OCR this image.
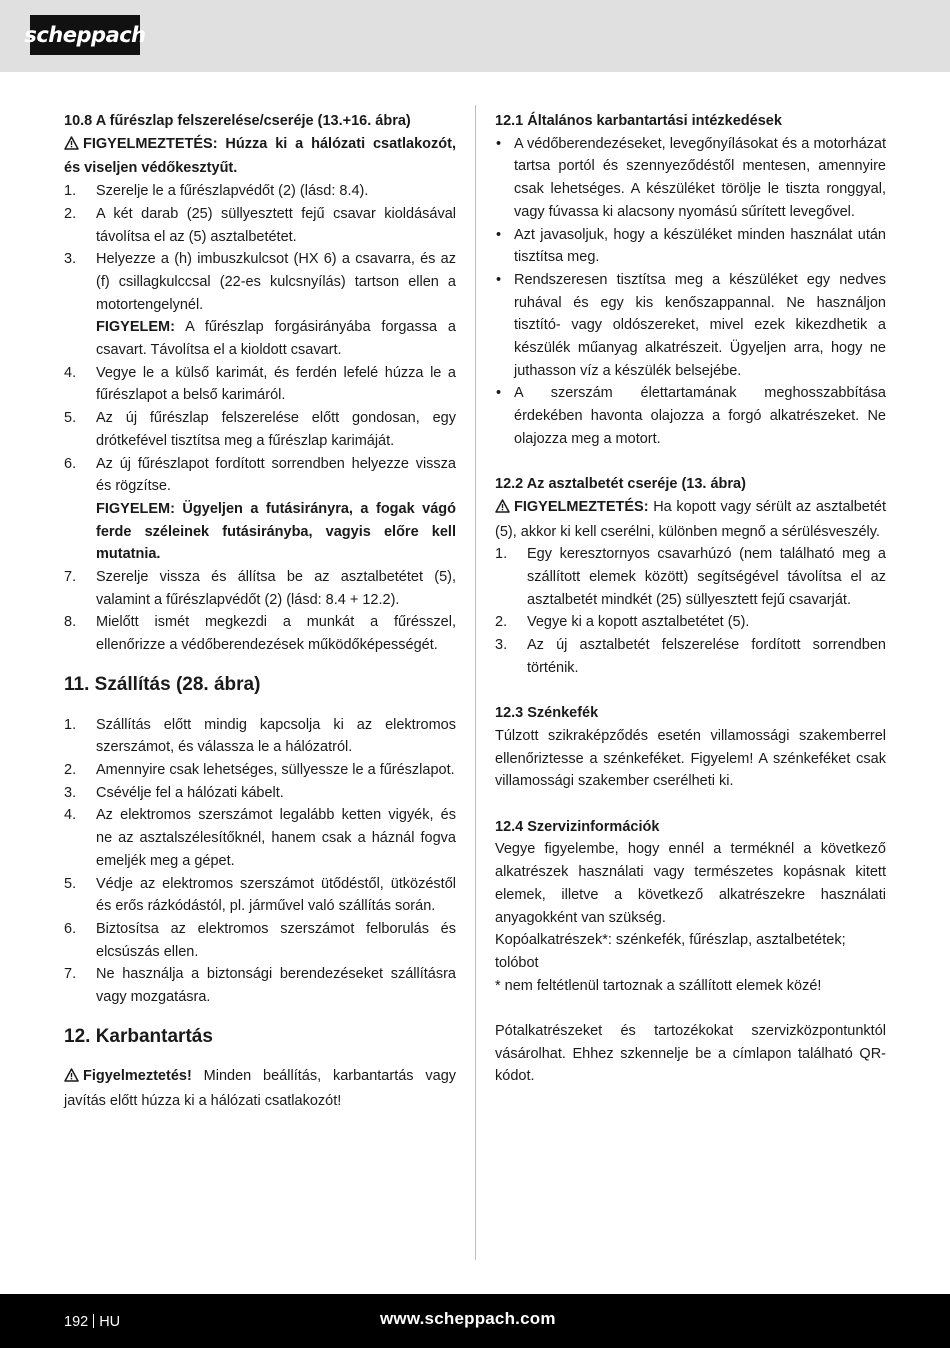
scheppach

10.8 A fűrészlap felszerelése/cseréje (13.+16. ábra)

FIGYELMEZTETÉS: Húzza ki a hálózati csatlakozót, és viseljen védőkesztyűt.

1. Szerelje le a fűrészlapvédőt (2) (lásd: 8.4).
2. A két darab (25) süllyesztett fejű csavar kioldásával távolítsa el az (5) asztalbetétet.
3. Helyezze a (h) imbuszkulcsot (HX 6) a csavarra, és az (f) csillagkulccsal (22-es kulcsnyílás) tartson ellen a motortengelynél.
FIGYELEM: A fűrészlap forgásirányába forgassa a csavart. Távolítsa el a kioldott csavart.
4. Vegye le a külső karimát, és ferdén lefelé húzza le a fűrészlapot a belső karimáról.
5. Az új fűrészlap felszerelése előtt gondosan, egy drótkefével tisztítsa meg a fűrészlap karimáját.
6. Az új fűrészlapot fordított sorrendben helyezze vissza és rögzítse.
FIGYELEM: Ügyeljen a futásirányra, a fogak vágó ferde széleinek futásirányba, vagyis előre kell mutatnia.
7. Szerelje vissza és állítsa be az asztalbetétet (5), valamint a fűrészlapvédőt (2) (lásd: 8.4 + 12.2).
8. Mielőtt ismét megkezdi a munkát a fűrésszel, ellenőrizze a védőberendezések működőképességét.

11. Szállítás (28. ábra)

1. Szállítás előtt mindig kapcsolja ki az elektromos szerszámot, és válassza le a hálózatról.
2. Amennyire csak lehetséges, süllyessze le a fűrészlapot.
3. Csévélje fel a hálózati kábelt.
4. Az elektromos szerszámot legalább ketten vigyék, és ne az asztalszélesítőknél, hanem csak a háznál fogva emeljék meg a gépet.
5. Védje az elektromos szerszámot ütődéstől, ütközéstől és erős rázkódástól, pl. járművel való szállítás során.
6. Biztosítsa az elektromos szerszámot felborulás és elcsúszás ellen.
7. Ne használja a biztonsági berendezéseket szállításra vagy mozgatásra.

12. Karbantartás

Figyelmeztetés! Minden beállítás, karbantartás vagy javítás előtt húzza ki a hálózati csatlakozót!

12.1 Általános karbantartási intézkedések

• A védőberendezéseket, levegőnyílásokat és a motorházat tartsa portól és szennyeződéstől mentesen, amennyire csak lehetséges. A készüléket törölje le tiszta ronggyal, vagy fúvassa ki alacsony nyomású sűrített levegővel.
• Azt javasoljuk, hogy a készüléket minden használat után tisztítsa meg.
• Rendszeresen tisztítsa meg a készüléket egy nedves ruhával és egy kis kenőszappannal. Ne használjon tisztító- vagy oldószereket, mivel ezek kikezdhetik a készülék műanyag alkatrészeit. Ügyeljen arra, hogy ne juthasson víz a készülék belsejébe.
• A szerszám élettartamának meghosszabbítása érdekében havonta olajozza a forgó alkatrészeket. Ne olajozza meg a motort.

12.2 Az asztalbetét cseréje (13. ábra)

FIGYELMEZTETÉS: Ha kopott vagy sérült az asztalbetét (5), akkor ki kell cserélni, különben megnő a sérülésveszély.

1. Egy keresztornyos csavarhúzó (nem található meg a szállított elemek között) segítségével távolítsa el az asztalbetét mindkét (25) süllyesztett fejű csavarját.
2. Vegye ki a kopott asztalbetétet (5).
3. Az új asztalbetét felszerelése fordított sorrendben történik.

12.3 Szénkefék

Túlzott szikraképződés esetén villamossági szakemberrel ellenőriztesse a szénkeféket. Figyelem! A szénkeféket csak villamossági szakember cserélheti ki.

12.4 Szervizinformációk

Vegye figyelembe, hogy ennél a terméknél a következő alkatrészek használati vagy természetes kopásnak kitett elemek, illetve a következő alkatrészekre használati anyagokként van szükség.

Kopóalkatrészek*: szénkefék, fűrészlap, asztalbetétek; tolóbot

* nem feltétlenül tartoznak a szállított elemek közé!

Pótalkatrészeket és tartozékokat szervizközpontunktól vásárolhat. Ehhez szkennelje be a címlapon található QR-kódot.

192 HU	www.scheppach.com
